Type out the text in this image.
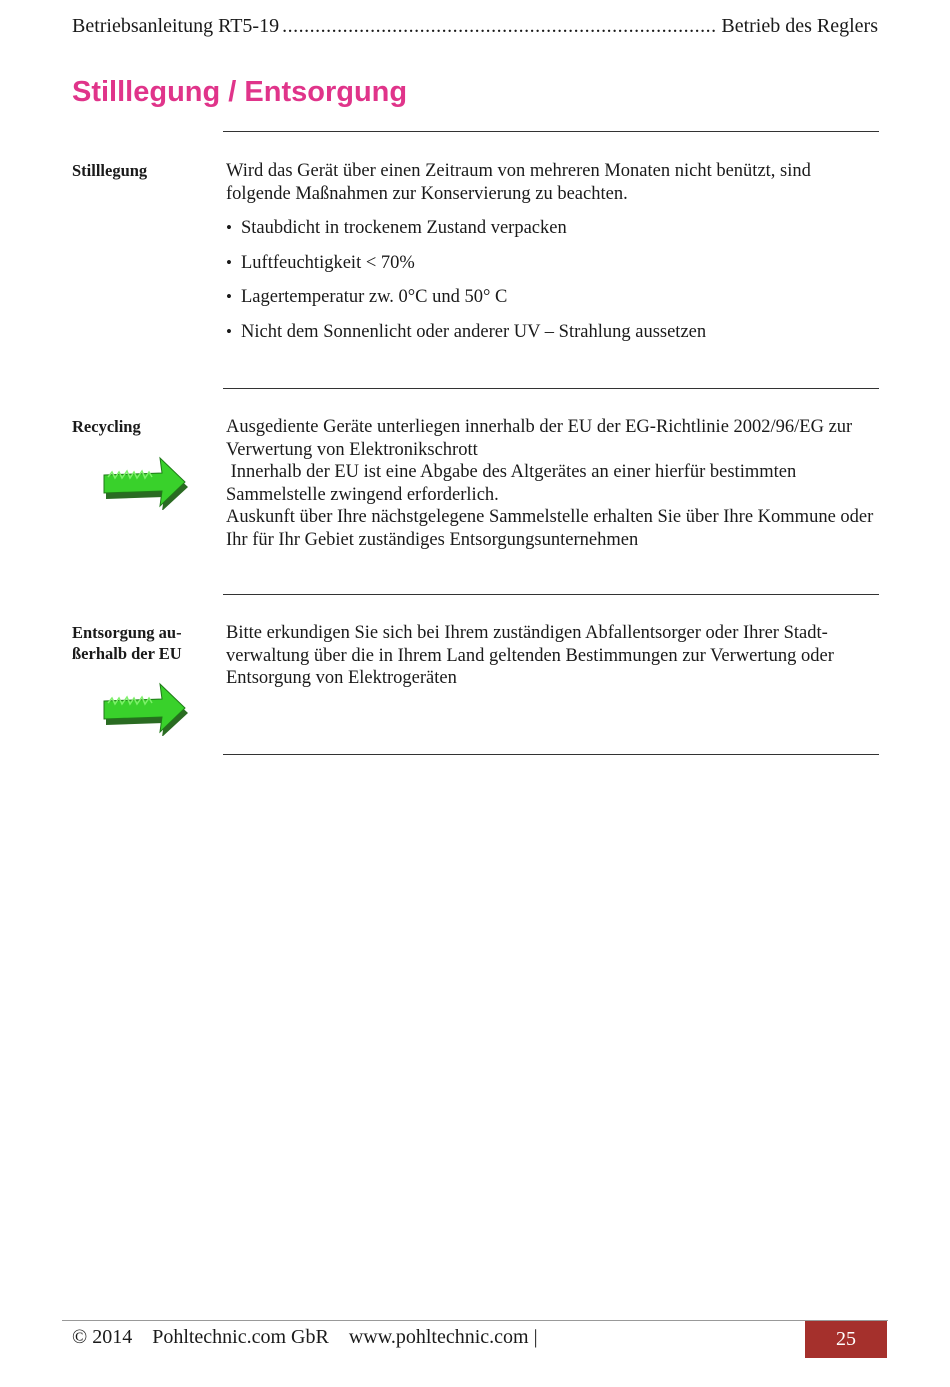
Betriebsanleitung RT5-19
.....	Betrieb des Reglers
Stilllegung / Entsorgung
Stilllegung	Wird das Gerät über einen Zeitraum von mehreren Monaten nicht benützt, sind folgende Maßnahmen zur Konservierung zu beachten.

• Staubdicht in trockenem Zustand verpacken
• Luftfeuchtigkeit < 70%
• Lagertemperatur zw. 0°C und 50° C
• Nicht dem Sonnenlicht oder anderer UV – Strahlung aussetzen
Recycling	Ausgediente Geräte unterliegen innerhalb der EU der EG-Richtlinie 2002/96/EG zur Verwertung von Elektronikschrott

Innerhalb der EU ist eine Abgabe des Altgerätes an einer hierfür bestimmten Sammelstelle zwingend erforderlich.

Auskunft über Ihre nächstgelegene Sammelstelle erhalten Sie über Ihre Kommune oder Ihr für Ihr Gebiet zuständiges Entsorgungsunternehmen

Entsorgung au-
ßerhalb der EU

Bitte erkundigen Sie sich bei Ihrem zuständigen Abfallentsorger oder Ihrer Stadt- verwaltung über die in Ihrem Land geltenden Bestimmungen zur Verwertung oder Entsorgung von Elektrogeräten

© 2014    Pohltechnic.com GbR    www.pohltechnic.com |	25
